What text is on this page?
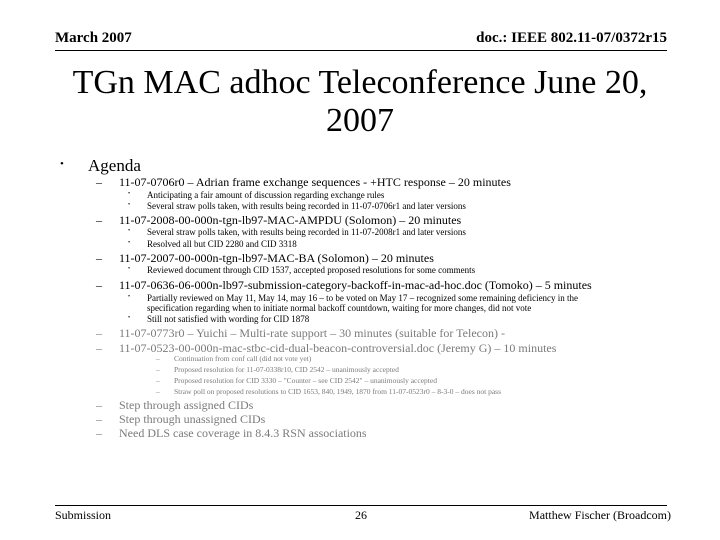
March 2007	doc.: IEEE 802.11-07/0372r15
TGn MAC adhoc Teleconference June 20,
2007
• Agenda
– 11-07-0706r0 – Adrian frame exchange sequences - +HTC response – 20 minutes
• Anticipating a fair amount of discussion regarding exchange rules
• Several straw polls taken, with results being recorded in 11-07-0706r1 and later versions
– 11-07-2008-00-000n-tgn-lb97-MAC-AMPDU (Solomon) – 20 minutes
• Several straw polls taken, with results being recorded in 11-07-2008r1 and later versions
• Resolved all but CID 2280 and CID 3318
– 11-07-2007-00-000n-tgn-lb97-MAC-BA (Solomon) – 20 minutes
• Reviewed document through CID 1537, accepted proposed resolutions for some comments
– 11-07-0636-06-000n-lb97-submission-category-backoff-in-mac-ad-hoc.doc (Tomoko) – 5 minutes
• Partially reviewed on May 11, May 14, may 16 – to be voted on May 17 – recognized some remaining deficiency in the
specification regarding when to initiate normal backoff countdown, waiting for more changes, did not vote
• Still not satisfied with wording for CID 1878
– 11-07-0773r0 – Yuichi – Multi-rate support – 30 minutes (suitable for Telecon) -
– 11-07-0523-00-000n-mac-stbc-cid-dual-beacon-controversial.doc (Jeremy G) – 10 minutes
– Continuation from conf call (did not vote yet)
– Proposed resolution for 11-07-0338r10, CID 2542 – unanimously accepted
– Proposed resolution for CID 3330 – "Counter – see CID 2542" – unanimously accepted
– Straw poll on proposed resolutions to CID 1653, 840, 1949, 1870 from 11-07-0523r0 – 8-3-0 – does not pass
– Step through assigned CIDs
– Step through unassigned CIDs
– Need DLS case coverage in 8.4.3 RSN associations
Submission	26	Matthew Fischer (Broadcom)
